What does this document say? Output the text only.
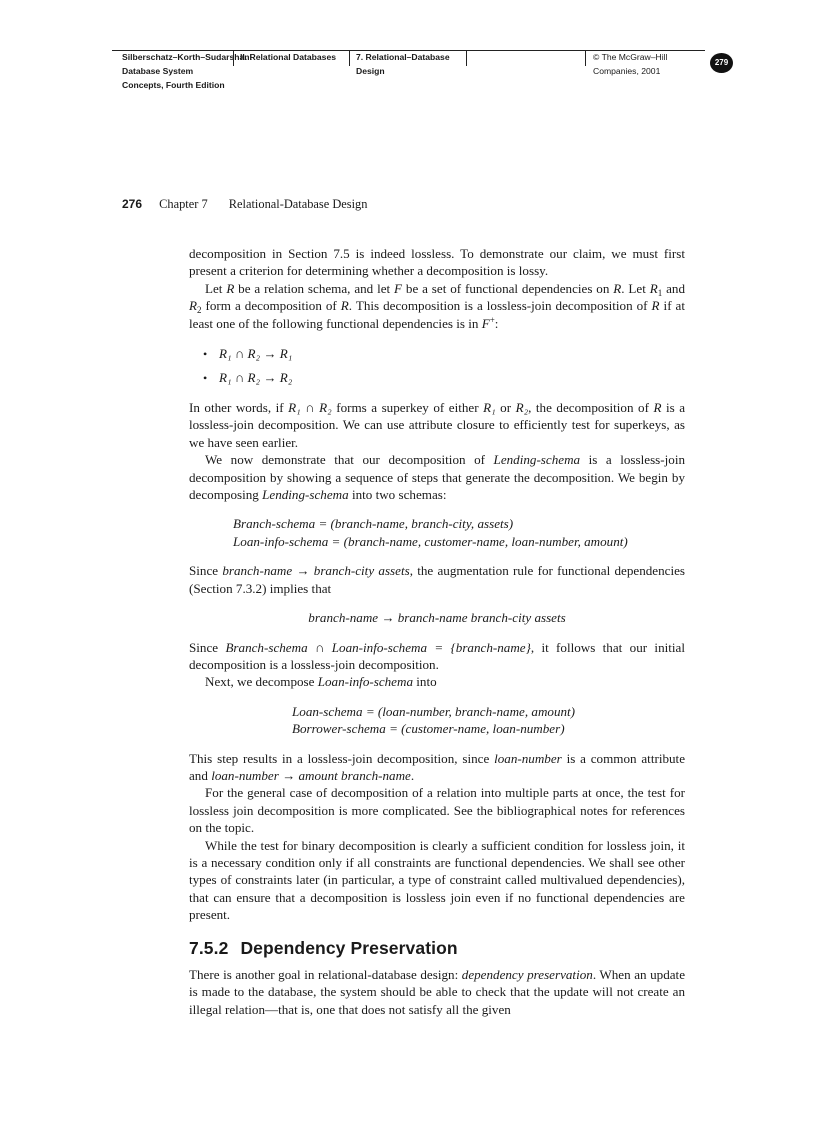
Silberschatz–Korth–Sudarshan:
Database System
Concepts, Fourth Edition
II. Relational Databases 7. Relational–Database
Design
© The McGraw–Hill
Companies, 2001
279
276 Chapter 7 Relational-Database Design

decomposition in Section 7.5 is indeed lossless. To demonstrate our claim, we must first present a criterion for determining whether a decomposition is lossy.

Let R be a relation schema, and let F be a set of functional dependencies on R. Let $R_1$ and $R_2$ form a decomposition of R. This decomposition is a lossless-join decomposition of R if at least one of the following functional dependencies is in F+:

• R₁ ∩ R₂ → R₁
• R₁ ∩ R₂ → R₂

In other words, if R₁ ∩ R₂ forms a superkey of either R₁ or R₂, the decomposition of R is a lossless-join decomposition. We can use attribute closure to efficiently test for superkeys, as we have seen earlier.

We now demonstrate that our decomposition of Lending-schema is a lossless-join decomposition by showing a sequence of steps that generate the decomposition. We begin by decomposing Lending-schema into two schemas:

Branch-schema = (branch-name, branch-city, assets)
Loan-info-schema = (branch-name, customer-name, loan-number, amount)

Since branch-name → branch-city assets, the augmentation rule for functional dependencies (Section 7.3.2) implies that

branch-name → branch-name branch-city assets

Since Branch-schema ∩ Loan-info-schema = {branch-name}, it follows that our initial decomposition is a lossless-join decomposition.

Next, we decompose Loan-info-schema into

Loan-schema = (loan-number, branch-name, amount)
Borrower-schema = (customer-name, loan-number)

This step results in a lossless-join decomposition, since loan-number is a common attribute and loan-number → amount branch-name.

For the general case of decomposition of a relation into multiple parts at once, the test for lossless join decomposition is more complicated. See the bibliographical notes for references on the topic.

While the test for binary decomposition is clearly a sufficient condition for lossless join, it is a necessary condition only if all constraints are functional dependencies. We shall see other types of constraints later (in particular, a type of constraint called multivalued dependencies), that can ensure that a decomposition is lossless join even if no functional dependencies are present.

7.5.2 Dependency Preservation

There is another goal in relational-database design: dependency preservation. When an update is made to the database, the system should be able to check that the update will not create an illegal relation—that is, one that does not satisfy all the given
